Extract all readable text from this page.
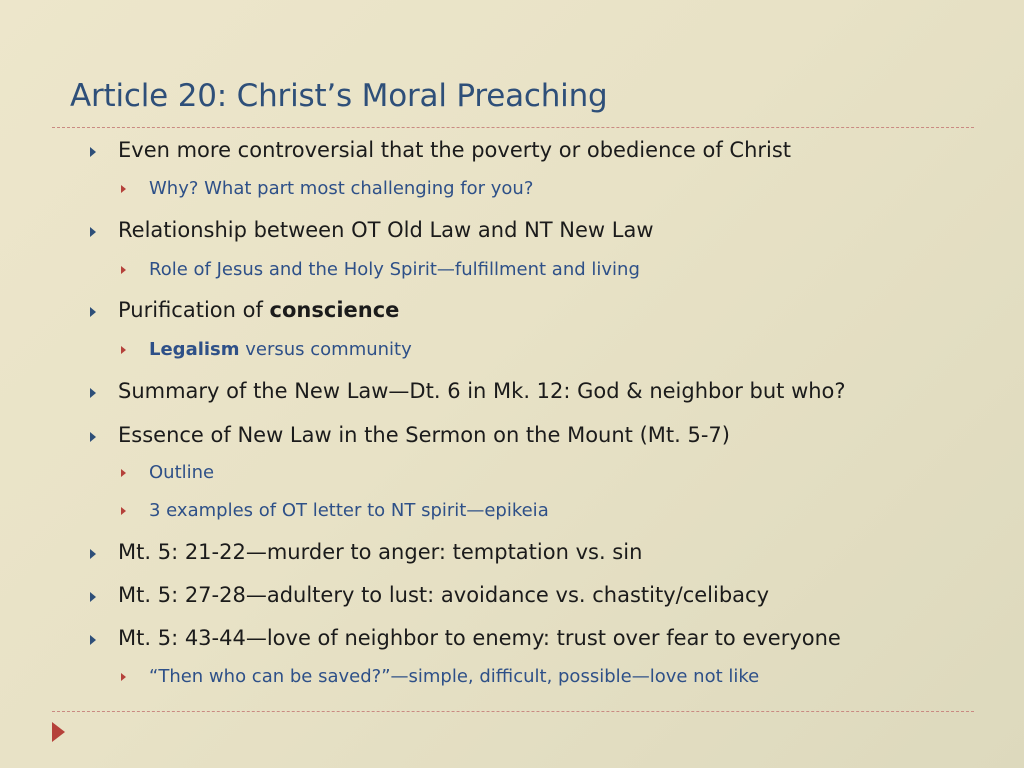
Article 20: Christ’s Moral Preaching
Even more controversial that the poverty or obedience of Christ
Why? What part most challenging for you?
Relationship between OT Old Law and NT New Law
Role of Jesus and the Holy Spirit—fulfillment and living
Purification of conscience
Legalism versus community
Summary of the New Law—Dt. 6 in Mk. 12: God & neighbor but who?
Essence of New Law in the Sermon on the Mount (Mt. 5-7)
Outline
3 examples of OT letter to NT spirit—epikeia
Mt. 5: 21-22—murder to anger: temptation vs. sin
Mt. 5: 27-28—adultery to lust: avoidance vs. chastity/celibacy
Mt. 5: 43-44—love of neighbor to enemy: trust over fear to everyone
“Then who can be saved?”—simple, difficult, possible—love not like
